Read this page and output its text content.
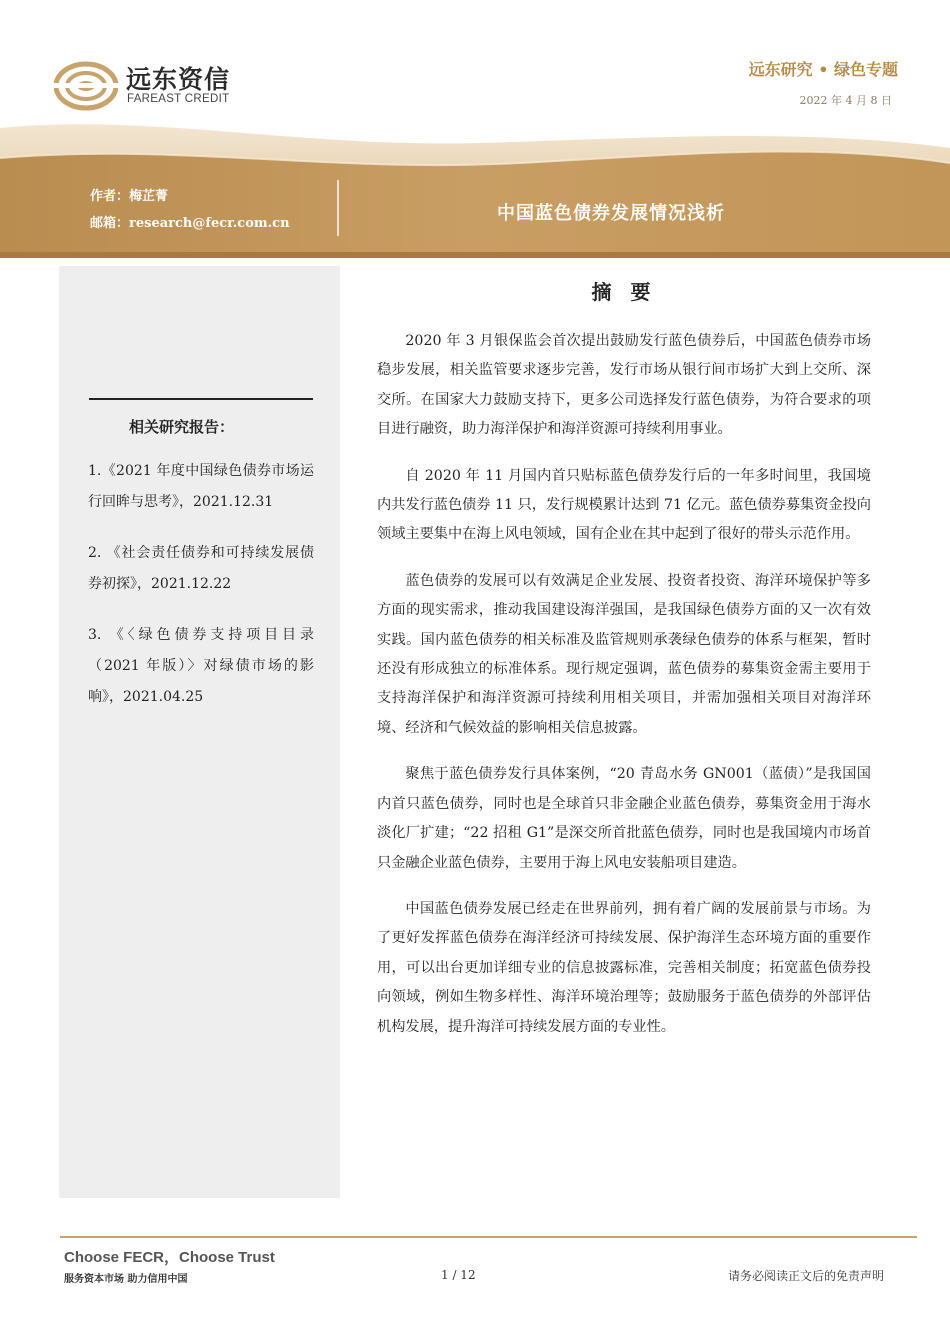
远东资信
FAREAST CREDIT
远东研究 • 绿色专题
2022 年 4 月 8 日
作者：梅芷菁
邮箱：research@fecr.com.cn	中国蓝色债券发展情况浅析
相关研究报告：
1.《2021 年度中国绿色债券市场运行回眸与思考》，2021.12.31
2. 《社会责任债券和可持续发展债券初探》，2021.12.22
3. 《〈绿色债券支持项目目录（2021 年版）〉对绿债市场的影响》，2021.04.25
摘 要

2020 年 3 月银保监会首次提出鼓励发行蓝色债券后，中国蓝色债券市场稳步发展，相关监管要求逐步完善，发行市场从银行间市场扩大到上交所、深交所。在国家大力鼓励支持下，更多公司选择发行蓝色债券，为符合要求的项目进行融资，助力海洋保护和海洋资源可持续利用事业。

自 2020 年 11 月国内首只贴标蓝色债券发行后的一年多时间里，我国境内共发行蓝色债券 11 只，发行规模累计达到 71 亿元。蓝色债券募集资金投向领域主要集中在海上风电领域，国有企业在其中起到了很好的带头示范作用。

蓝色债券的发展可以有效满足企业发展、投资者投资、海洋环境保护等多方面的现实需求，推动我国建设海洋强国，是我国绿色债券方面的又一次有效实践。国内蓝色债券的相关标准及监管规则承袭绿色债券的体系与框架，暂时还没有形成独立的标准体系。现行规定强调，蓝色债券的募集资金需主要用于支持海洋保护和海洋资源可持续利用相关项目，并需加强相关项目对海洋环境、经济和气候效益的影响相关信息披露。

聚焦于蓝色债券发行具体案例，“20 青岛水务 GN001（蓝债）”是我国国内首只蓝色债券，同时也是全球首只非金融企业蓝色债券，募集资金用于海水淡化厂扩建；“22 招租 G1”是深交所首批蓝色债券，同时也是我国境内市场首只金融企业蓝色债券，主要用于海上风电安装船项目建造。

中国蓝色债券发展已经走在世界前列，拥有着广阔的发展前景与市场。为了更好发挥蓝色债券在海洋经济可持续发展、保护海洋生态环境方面的重要作用，可以出台更加详细专业的信息披露标准，完善相关制度；拓宽蓝色债券投向领域，例如生物多样性、海洋环境治理等；鼓励服务于蓝色债券的外部评估机构发展，提升海洋可持续发展方面的专业性。

Choose FECR，Choose Trust
服务资本市场 助力信用中国	1 / 12	请务必阅读正文后的免责声明
